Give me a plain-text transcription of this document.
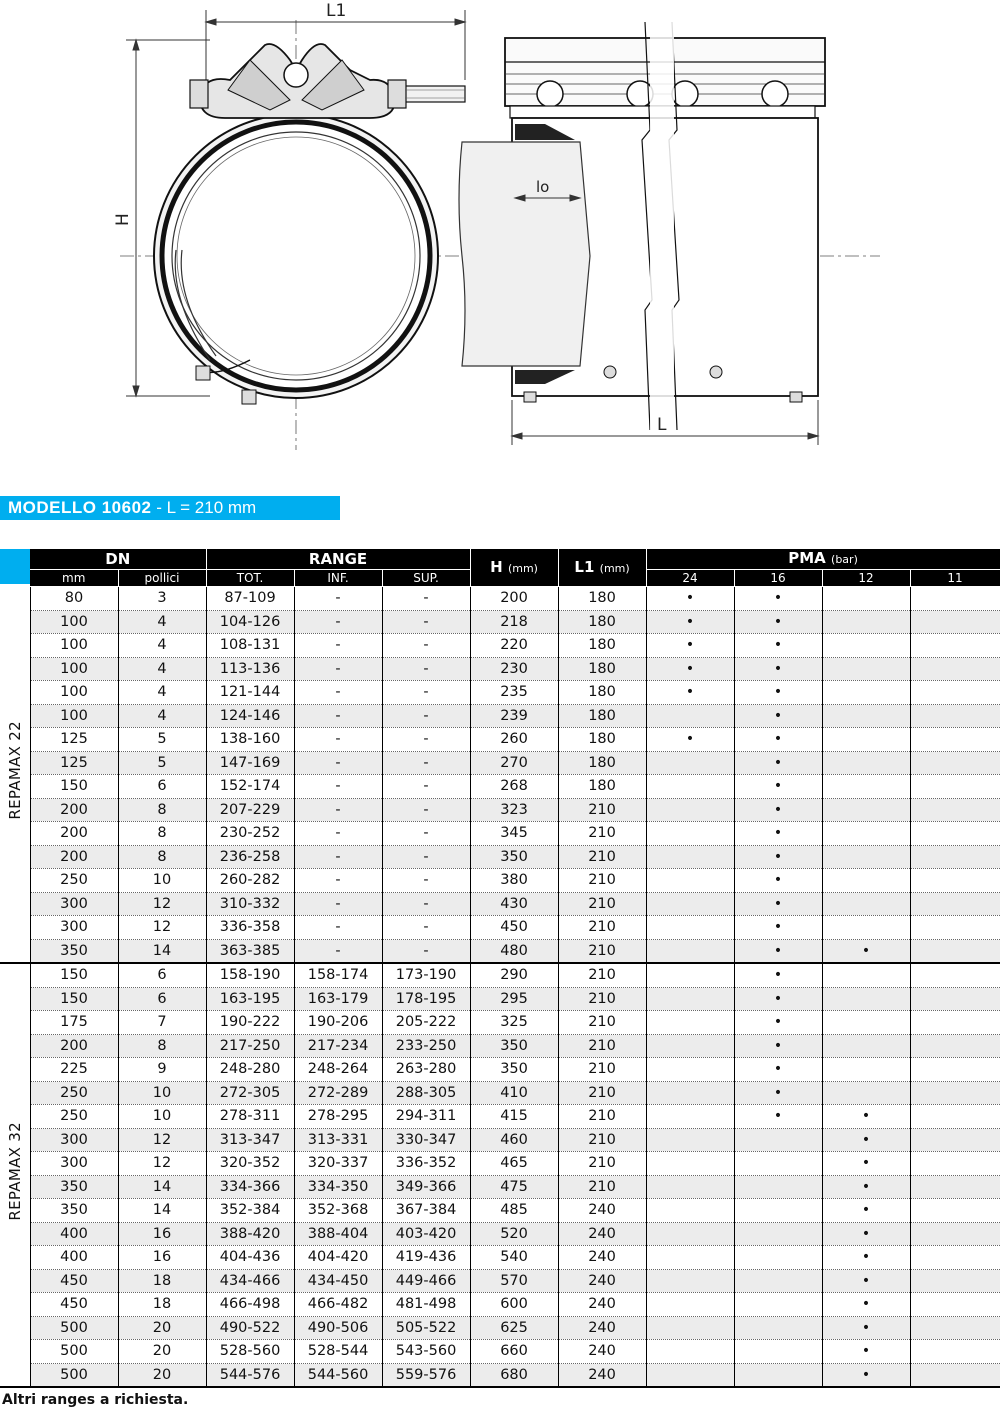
L1
H
lo
L
MODELLO 10602 - L = 210 mm
	DN		RANGE			H (mm)	L1 (mm)	PMA (bar)			
	mm	pollici	TOT.	INF.	SUP.			24	16	12	11
REPAMAX 22	80	3	87-109	-	-	200	180	•	•		
	100	4	104-126	-	-	218	180	•	•		
	100	4	108-131	-	-	220	180	•	•		
	100	4	113-136	-	-	230	180	•	•		
	100	4	121-144	-	-	235	180	•	•		
	100	4	124-146	-	-	239	180		•		
	125	5	138-160	-	-	260	180	•	•		
	125	5	147-169	-	-	270	180		•		
	150	6	152-174	-	-	268	180		•		
	200	8	207-229	-	-	323	210		•		
	200	8	230-252	-	-	345	210		•		
	200	8	236-258	-	-	350	210		•		
	250	10	260-282	-	-	380	210		•		
	300	12	310-332	-	-	430	210		•		
	300	12	336-358	-	-	450	210		•		
	350	14	363-385	-	-	480	210		•	•	
REPAMAX 32	150	6	158-190	158-174	173-190	290	210		•		
	150	6	163-195	163-179	178-195	295	210		•		
	175	7	190-222	190-206	205-222	325	210		•		
	200	8	217-250	217-234	233-250	350	210		•		
	225	9	248-280	248-264	263-280	350	210		•		
	250	10	272-305	272-289	288-305	410	210		•		
	250	10	278-311	278-295	294-311	415	210		•	•	
	300	12	313-347	313-331	330-347	460	210			•	
	300	12	320-352	320-337	336-352	465	210			•	
	350	14	334-366	334-350	349-366	475	210			•	
	350	14	352-384	352-368	367-384	485	240			•	
	400	16	388-420	388-404	403-420	520	240			•	
	400	16	404-436	404-420	419-436	540	240			•	
	450	18	434-466	434-450	449-466	570	240			•	
	450	18	466-498	466-482	481-498	600	240			•	
	500	20	490-522	490-506	505-522	625	240			•	
	500	20	528-560	528-544	543-560	660	240			•	
	500	20	544-576	544-560	559-576	680	240			•	
Altri ranges a richiesta.
